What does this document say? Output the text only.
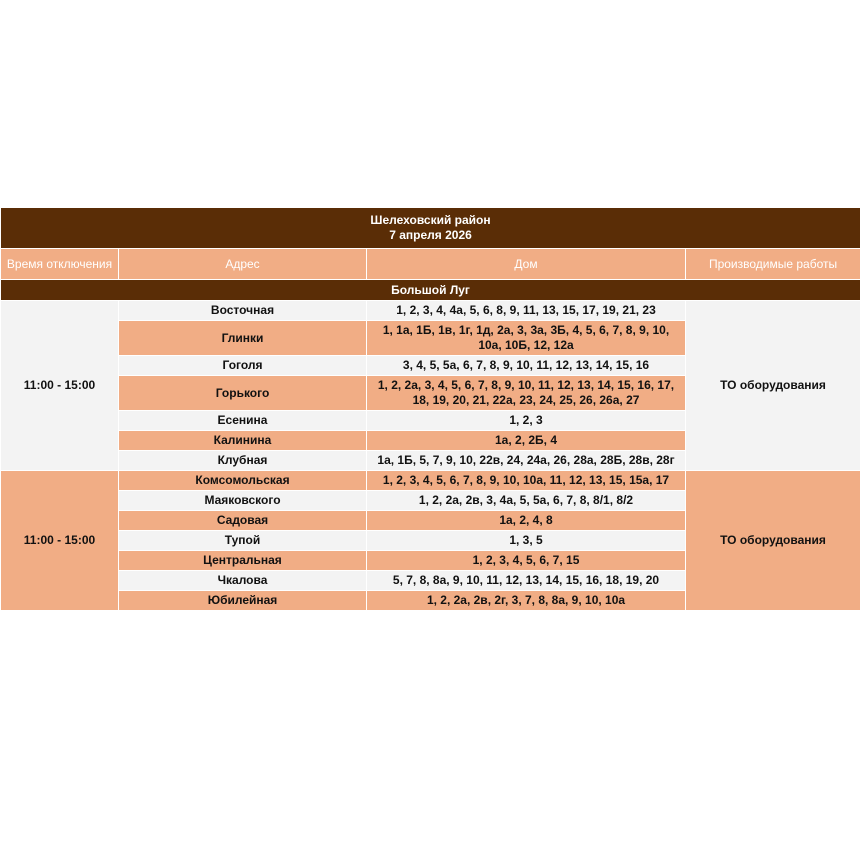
Шелеховский район
7 апреля 2026			

Время отключения	Адрес	Дом	Производимые работы
Большой Луг			
11:00 - 15:00	Восточная	1, 2, 3, 4, 4а, 5, 6, 8, 9, 11, 13, 15, 17, 19, 21, 23	ТО оборудования
	Глинки	1, 1а, 1Б, 1в, 1г, 1д, 2а, 3, 3а, 3Б, 4, 5, 6, 7, 8, 9, 10, 10а, 10Б, 12, 12а	
	Гоголя	3, 4, 5, 5а, 6, 7, 8, 9, 10, 11, 12, 13, 14, 15, 16	
	Горького	1, 2, 2а, 3, 4, 5, 6, 7, 8, 9, 10, 11, 12, 13, 14, 15, 16, 17, 18, 19, 20, 21, 22а, 23, 24, 25, 26, 26а, 27	
	Есенина	1, 2, 3	
	Калинина	1а, 2, 2Б, 4	
	Клубная	1а, 1Б, 5, 7, 9, 10, 22в, 24, 24а, 26, 28а, 28Б, 28в, 28г	
11:00 - 15:00	Комсомольская	1, 2, 3, 4, 5, 6, 7, 8, 9, 10, 10а, 11, 12, 13, 15, 15а, 17	ТО оборудования
	Маяковского	1, 2, 2а, 2в, 3, 4а, 5, 5а, 6, 7, 8, 8/1, 8/2	
	Садовая	1а, 2, 4, 8	
	Тупой	1, 3, 5	
	Центральная	1, 2, 3, 4, 5, 6, 7, 15	
	Чкалова	5, 7, 8, 8а, 9, 10, 11, 12, 13, 14, 15, 16, 18, 19, 20	
	Юбилейная	1, 2, 2а, 2в, 2г, 3, 7, 8, 8а, 9, 10, 10а	
